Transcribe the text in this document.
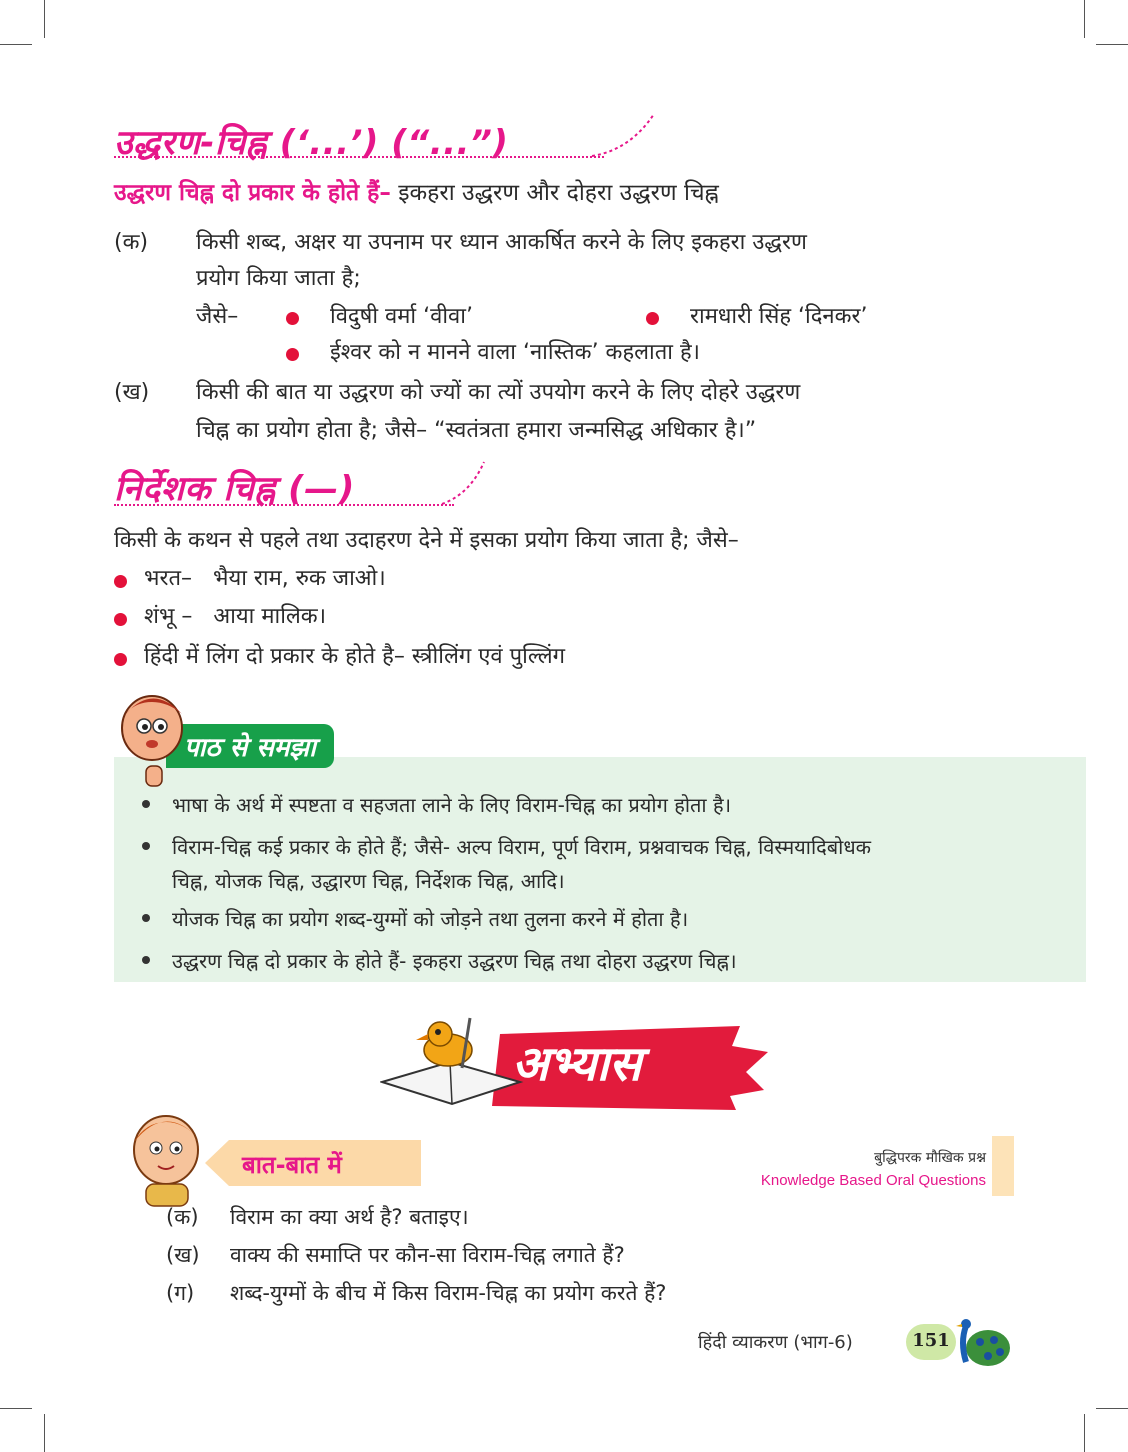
उद्धरण-चिह्न (‘...’) (“...”)
उद्धरण चिह्न दो प्रकार के होते हैं– इकहरा उद्धरण और दोहरा उद्धरण चिह्न
(क) किसी शब्द, अक्षर या उपनाम पर ध्यान आकर्षित करने के लिए इकहरा उद्धरण
प्रयोग किया जाता है;
जैसे–	विदुषी वर्मा ‘वीवा’	रामधारी सिंह ‘दिनकर’
ईश्वर को न मानने वाला ‘नास्तिक’ कहलाता है।
(ख) किसी की बात या उद्धरण को ज्यों का त्यों उपयोग करने के लिए दोहरे उद्धरण
चिह्न का प्रयोग होता है; जैसे– “स्वतंत्रता हमारा जन्मसिद्ध अधिकार है।”
निर्देशक चिह्न (—)
किसी के कथन से पहले तथा उदाहरण देने में इसका प्रयोग किया जाता है; जैसे–
भरत–   भैया राम, रुक जाओ।
शंभू –   आया मालिक।
हिंदी में लिंग दो प्रकार के होते है– स्त्रीलिंग एवं पुल्लिंग
पाठ से समझा
भाषा के अर्थ में स्पष्टता व सहजता लाने के लिए विराम-चिह्न का प्रयोग होता है।
विराम-चिह्न कई प्रकार के होते हैं; जैसे- अल्प विराम, पूर्ण विराम, प्रश्नवाचक चिह्न, विस्मयादिबोधक
चिह्न, योजक चिह्न, उद्धारण चिह्न, निर्देशक चिह्न, आदि।
योजक चिह्न का प्रयोग शब्द-युग्मों को जोड़ने तथा तुलना करने में होता है।
उद्धरण चिह्न दो प्रकार के होते हैं- इकहरा उद्धरण चिह्न तथा दोहरा उद्धरण चिह्न।
अभ्यास
बात-बात में	बुद्धिपरक मौखिक प्रश्न
Knowledge Based Oral Questions
(क) विराम का क्या अर्थ है? बताइए।
(ख) वाक्य की समाप्ति पर कौन-सा विराम-चिह्न लगाते हैं?
(ग) शब्द-युग्मों के बीच में किस विराम-चिह्न का प्रयोग करते हैं?
हिंदी व्याकरण (भाग-6)	151
